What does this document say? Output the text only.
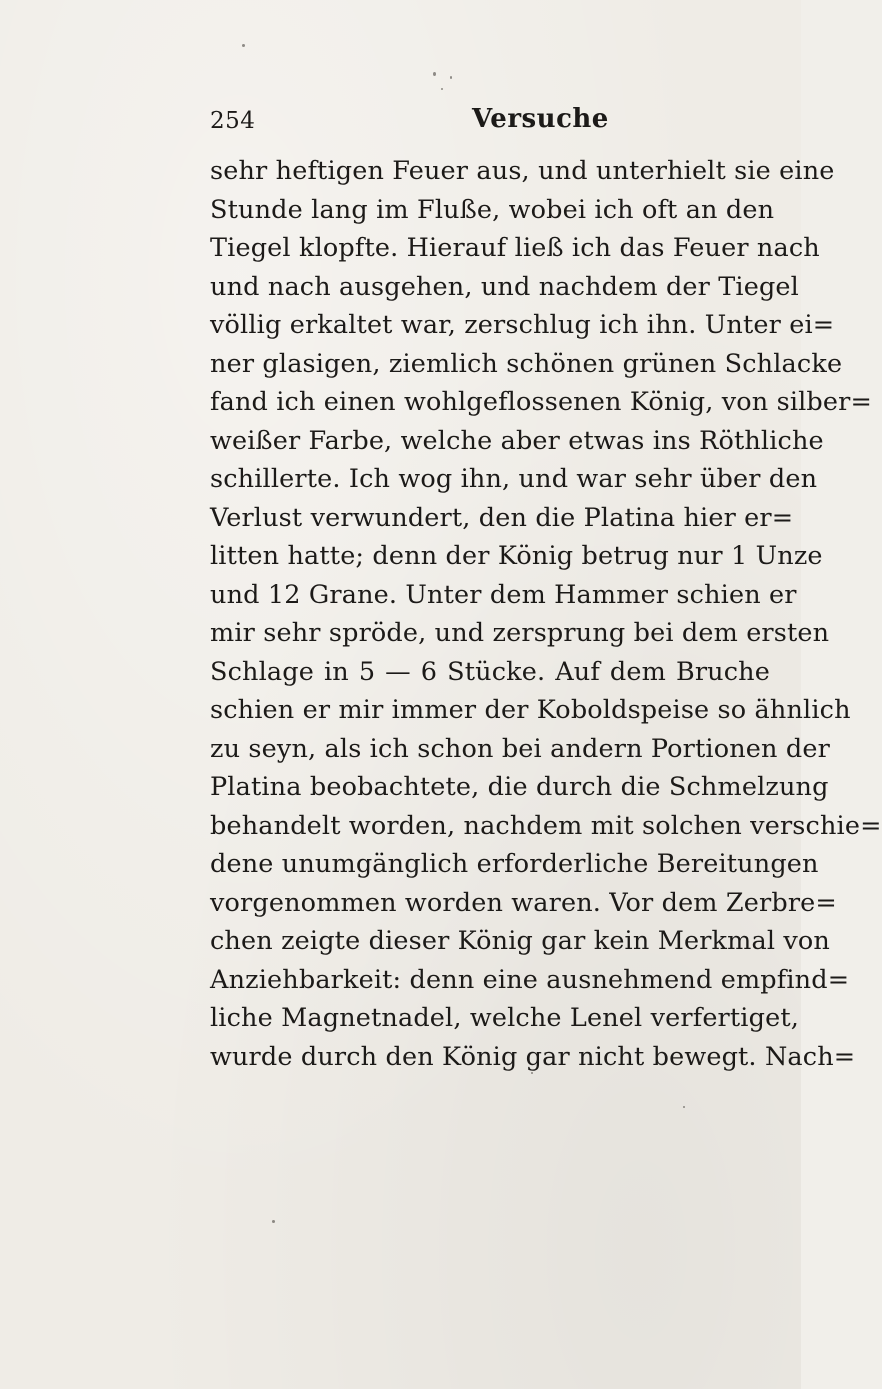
254	Versuche
sehr heftigen Feuer aus, und unterhielt sie eine
Stunde lang im Fluße, wobei ich oft an den
Tiegel klopfte. Hierauf ließ ich das Feuer nach
und nach ausgehen, und nachdem der Tiegel
völlig erkaltet war, zerschlug ich ihn. Unter ei=
ner glasigen, ziemlich schönen grünen Schlacke
fand ich einen wohlgeflossenen König, von silber=
weißer Farbe, welche aber etwas ins Röthliche
schillerte. Ich wog ihn, und war sehr über den
Verlust verwundert, den die Platina hier er=
litten hatte; denn der König betrug nur 1 Unze
und 12 Grane. Unter dem Hammer schien er
mir sehr spröde, und zersprung bei dem ersten
Schlage in 5 — 6 Stücke. Auf dem Bruche
schien er mir immer der Koboldspeise so ähnlich
zu seyn, als ich schon bei andern Portionen der
Platina beobachtete, die durch die Schmelzung
behandelt worden, nachdem mit solchen verschie=
dene unumgänglich erforderliche Bereitungen
vorgenommen worden waren. Vor dem Zerbre=
chen zeigte dieser König gar kein Merkmal von
Anziehbarkeit: denn eine ausnehmend empfind=
liche Magnetnadel, welche Lenel verfertiget,
wurde durch den König gar nicht bewegt. Nach=
